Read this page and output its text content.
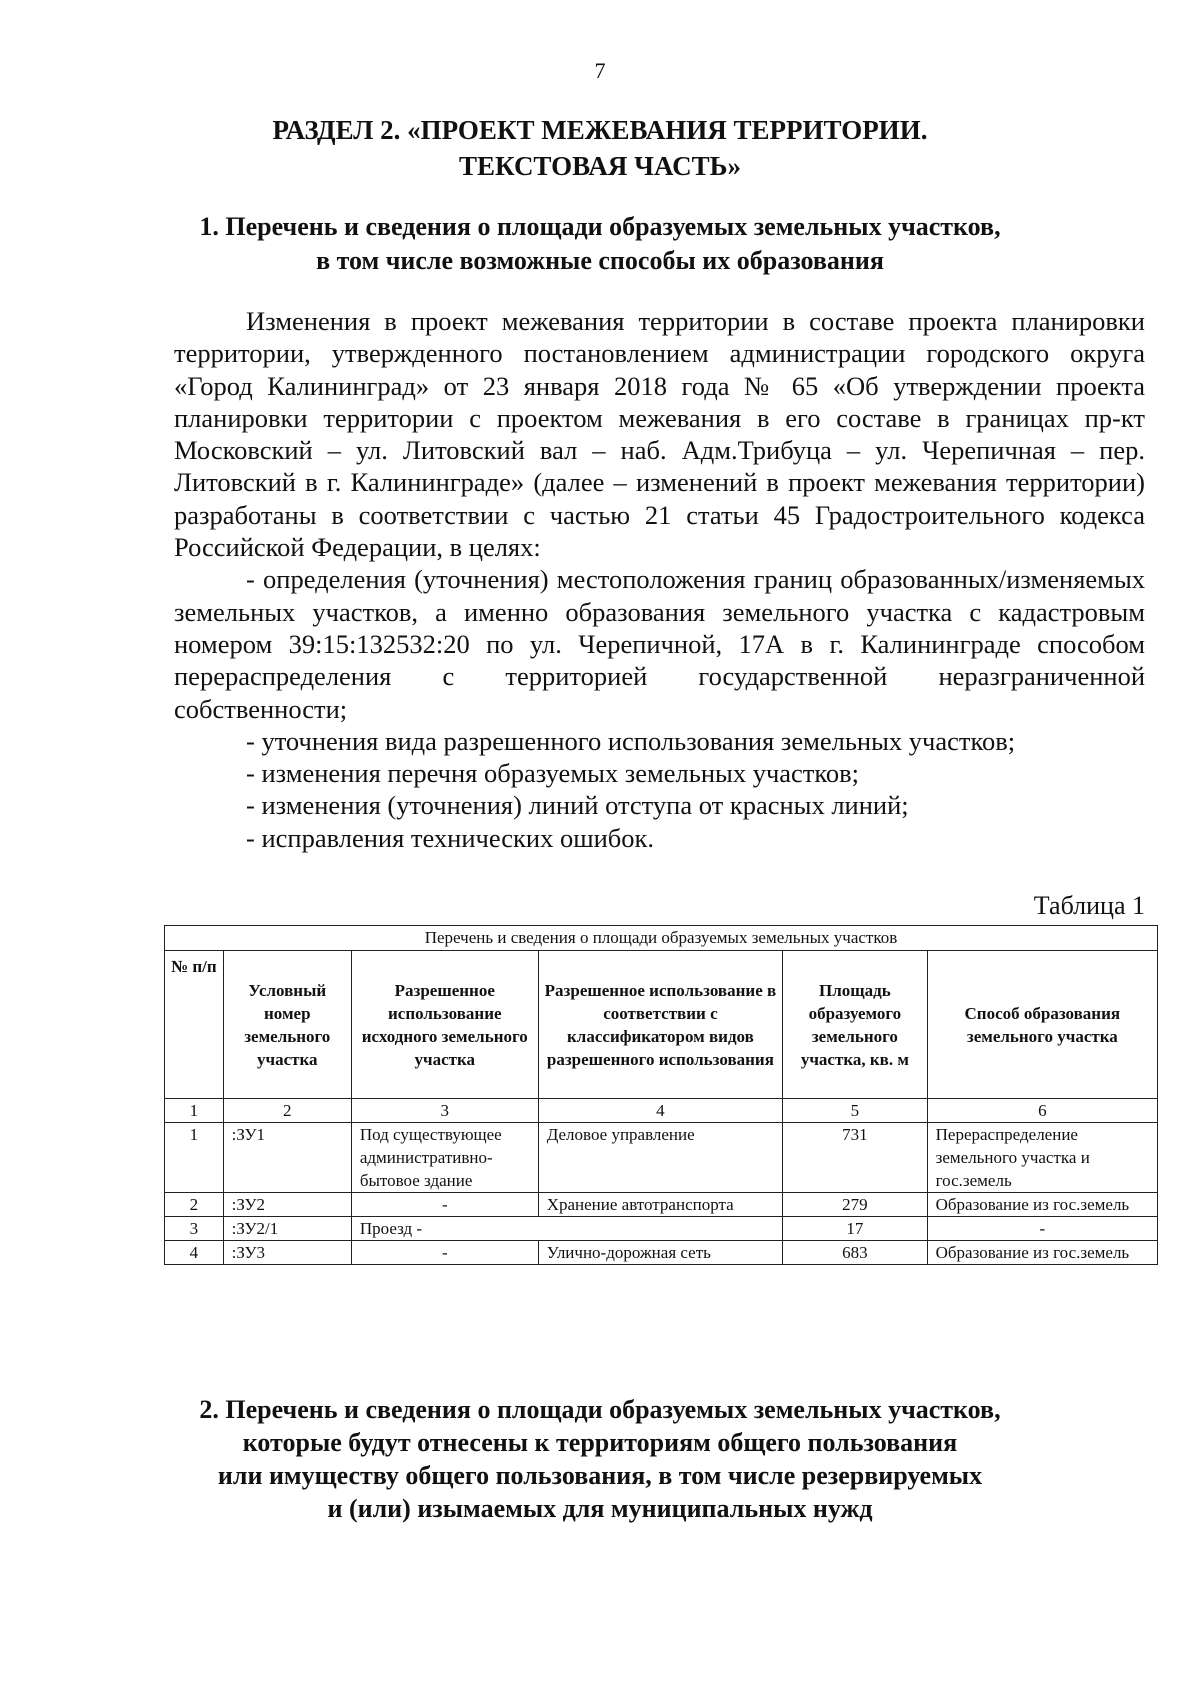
7
РАЗДЕЛ 2. «ПРОЕКТ МЕЖЕВАНИЯ ТЕРРИТОРИИ.
ТЕКСТОВАЯ ЧАСТЬ»
1. Перечень и сведения о площади образуемых земельных участков,
в том числе возможные способы их образования

Изменения в проект межевания территории в составе проекта планировки территории, утвержденного постановлением администрации городского округа «Город Калининград» от 23 января 2018 года № 65 «Об утверждении проекта планировки территории с проектом межевания в его составе в границах пр-кт Московский – ул. Литовский вал – наб. Адм.Трибуца – ул. Черепичная – пер. Литовский в г. Калининграде» (далее – изменений в проект межевания территории) разработаны в соответствии с частью 21 статьи 45 Градостроительного кодекса Российской Федерации, в целях:

- определения (уточнения) местоположения границ образованных/изменяемых земельных участков, а именно образования земельного участка с кадастровым номером 39:15:132532:20 по ул. Черепичной, 17А в г. Калининграде способом перераспределения с территорией государственной неразграниченной собственности;

- уточнения вида разрешенного использования земельных участков;

- изменения перечня образуемых земельных участков;

- изменения (уточнения) линий отступа от красных линий;

- исправления технических ошибок.

Таблица 1
Перечень и сведения о площади образуемых земельных участков					
№ п/п	Условный номер земельного участка	Разрешенное использование исходного земельного участка	Разрешенное использование в соответствии с классификатором видов разрешенного использования	Площадь образуемого земельного участка, кв. м	Способ образования земельного участка
1	2	3	4	5	6
1	:ЗУ1	Под существующее административно-бытовое здание	Деловое управление	731	Перераспределение земельного участка и гос.земель
2	:ЗУ2	-	Хранение автотранспорта	279	Образование из гос.земель
3	:ЗУ2/1	Проезд -		17	-
4	:ЗУ3	-	Улично-дорожная сеть	683	Образование из гос.земель
2. Перечень и сведения о площади образуемых земельных участков,
которые будут отнесены к территориям общего пользования
или имуществу общего пользования, в том числе резервируемых
и (или) изымаемых для муниципальных нужд
